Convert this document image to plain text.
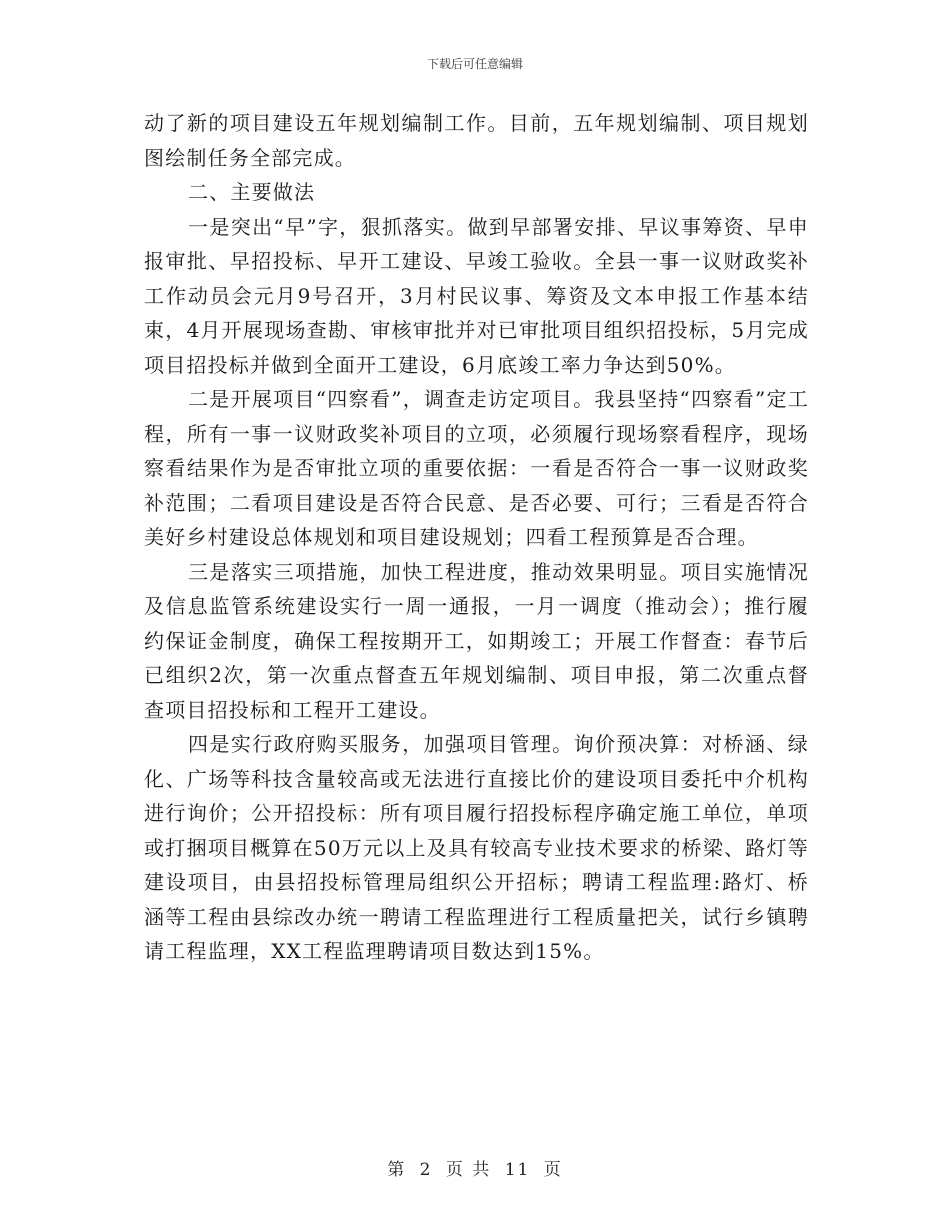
下载后可任意编辑

动了新的项目建设五年规划编制工作。目前，五年规划编制、项目规划图绘制任务全部完成。

二、主要做法

一是突出“早”字，狠抓落实。做到早部署安排、早议事筹资、早申报审批、早招投标、早开工建设、早竣工验收。全县一事一议财政奖补工作动员会元月9号召开，3月村民议事、筹资及文本申报工作基本结束，4月开展现场查勘、审核审批并对已审批项目组织招投标，5月完成项目招投标并做到全面开工建设，6月底竣工率力争达到50%。

二是开展项目“四察看”，调查走访定项目。我县坚持“四察看”定工程，所有一事一议财政奖补项目的立项，必须履行现场察看程序，现场察看结果作为是否审批立项的重要依据：一看是否符合一事一议财政奖补范围；二看项目建设是否符合民意、是否必要、可行；三看是否符合美好乡村建设总体规划和项目建设规划；四看工程预算是否合理。

三是落实三项措施，加快工程进度，推动效果明显。项目实施情况及信息监管系统建设实行一周一通报，一月一调度（推动会）；推行履约保证金制度，确保工程按期开工，如期竣工；开展工作督查：春节后已组织2次，第一次重点督查五年规划编制、项目申报，第二次重点督查项目招投标和工程开工建设。

四是实行政府购买服务，加强项目管理。询价预决算：对桥涵、绿化、广场等科技含量较高或无法进行直接比价的建设项目委托中介机构进行询价；公开招投标：所有项目履行招投标程序确定施工单位，单项或打捆项目概算在50万元以上及具有较高专业技术要求的桥梁、路灯等建设项目，由县招投标管理局组织公开招标；聘请工程监理:路灯、桥涵等工程由县综改办统一聘请工程监理进行工程质量把关，试行乡镇聘请工程监理，XX工程监理聘请项目数达到15%。

第 2 页 共 11 页
